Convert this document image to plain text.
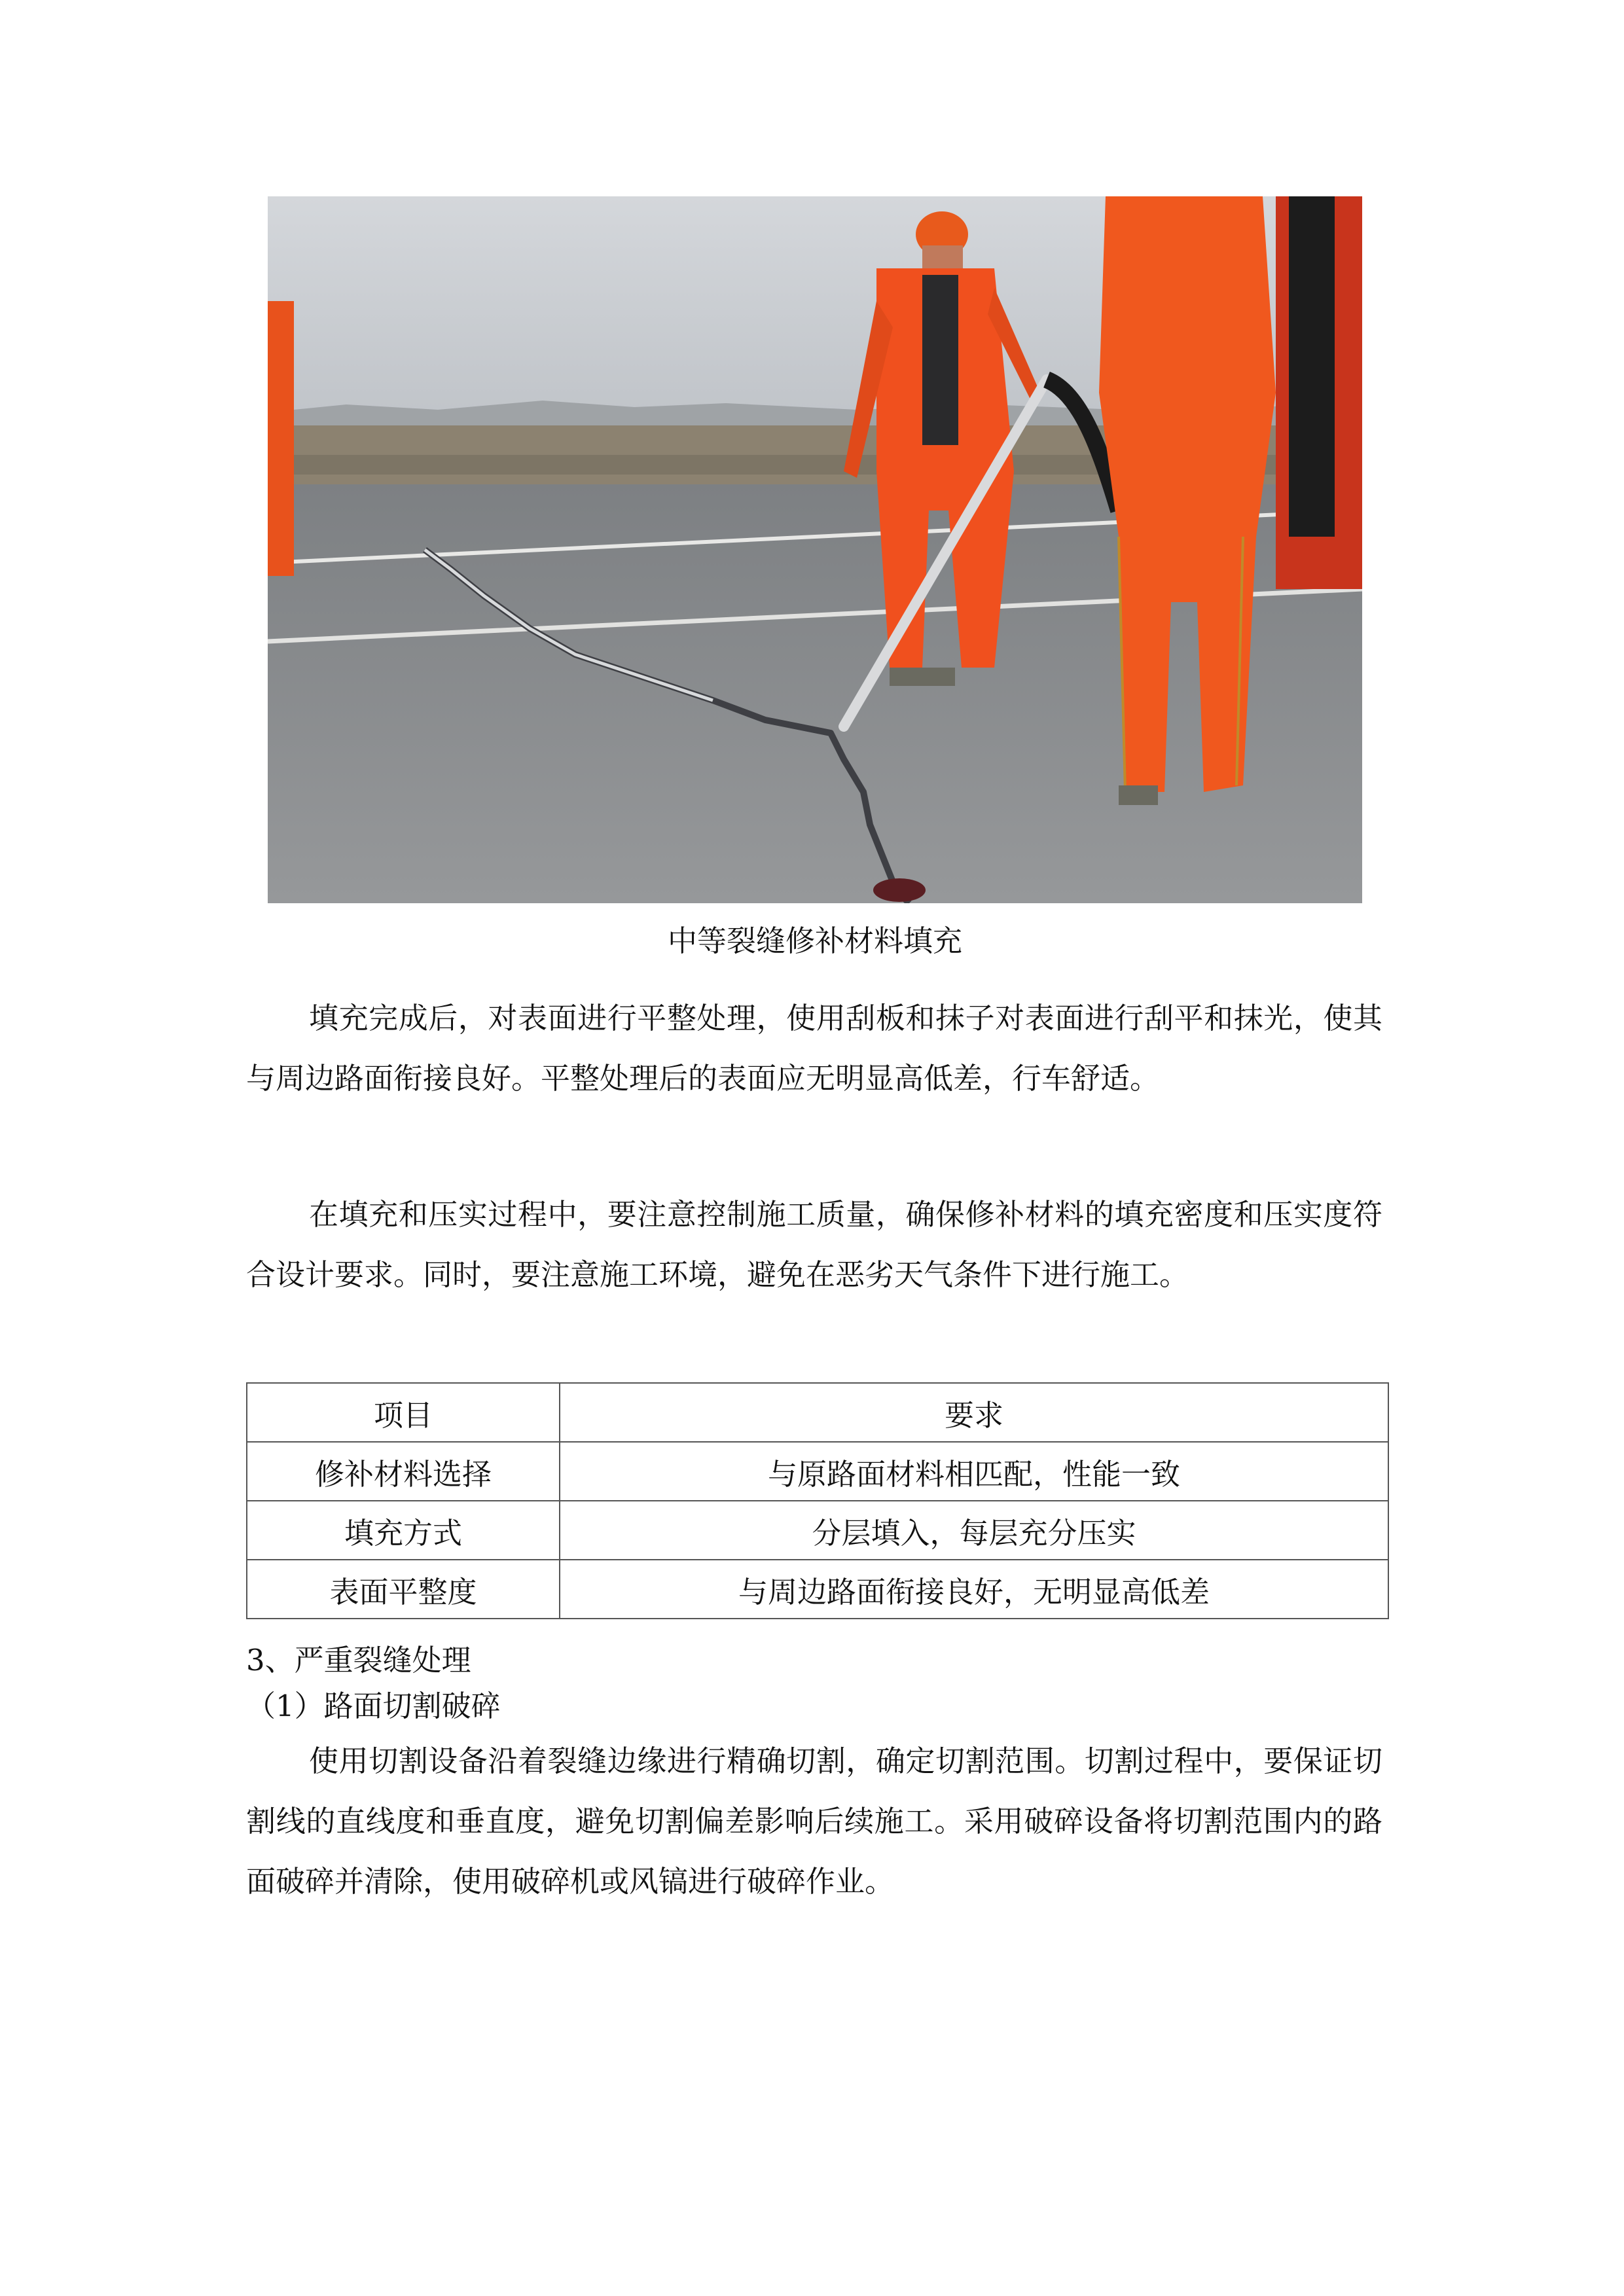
中等裂缝修补材料填充

填充完成后，对表面进行平整处理，使用刮板和抹子对表面进行刮平和抹光，使其与周边路面衔接良好。平整处理后的表面应无明显高低差，行车舒适。

在填充和压实过程中，要注意控制施工质量，确保修补材料的填充密度和压实度符合设计要求。同时，要注意施工环境，避免在恶劣天气条件下进行施工。

项目	要求
修补材料选择	与原路面材料相匹配，性能一致
填充方式	分层填入，每层充分压实
表面平整度	与周边路面衔接良好，无明显高低差

3、严重裂缝处理

（1）路面切割破碎

使用切割设备沿着裂缝边缘进行精确切割，确定切割范围。切割过程中，要保证切割线的直线度和垂直度，避免切割偏差影响后续施工。采用破碎设备将切割范围内的路面破碎并清除，使用破碎机或风镐进行破碎作业。
